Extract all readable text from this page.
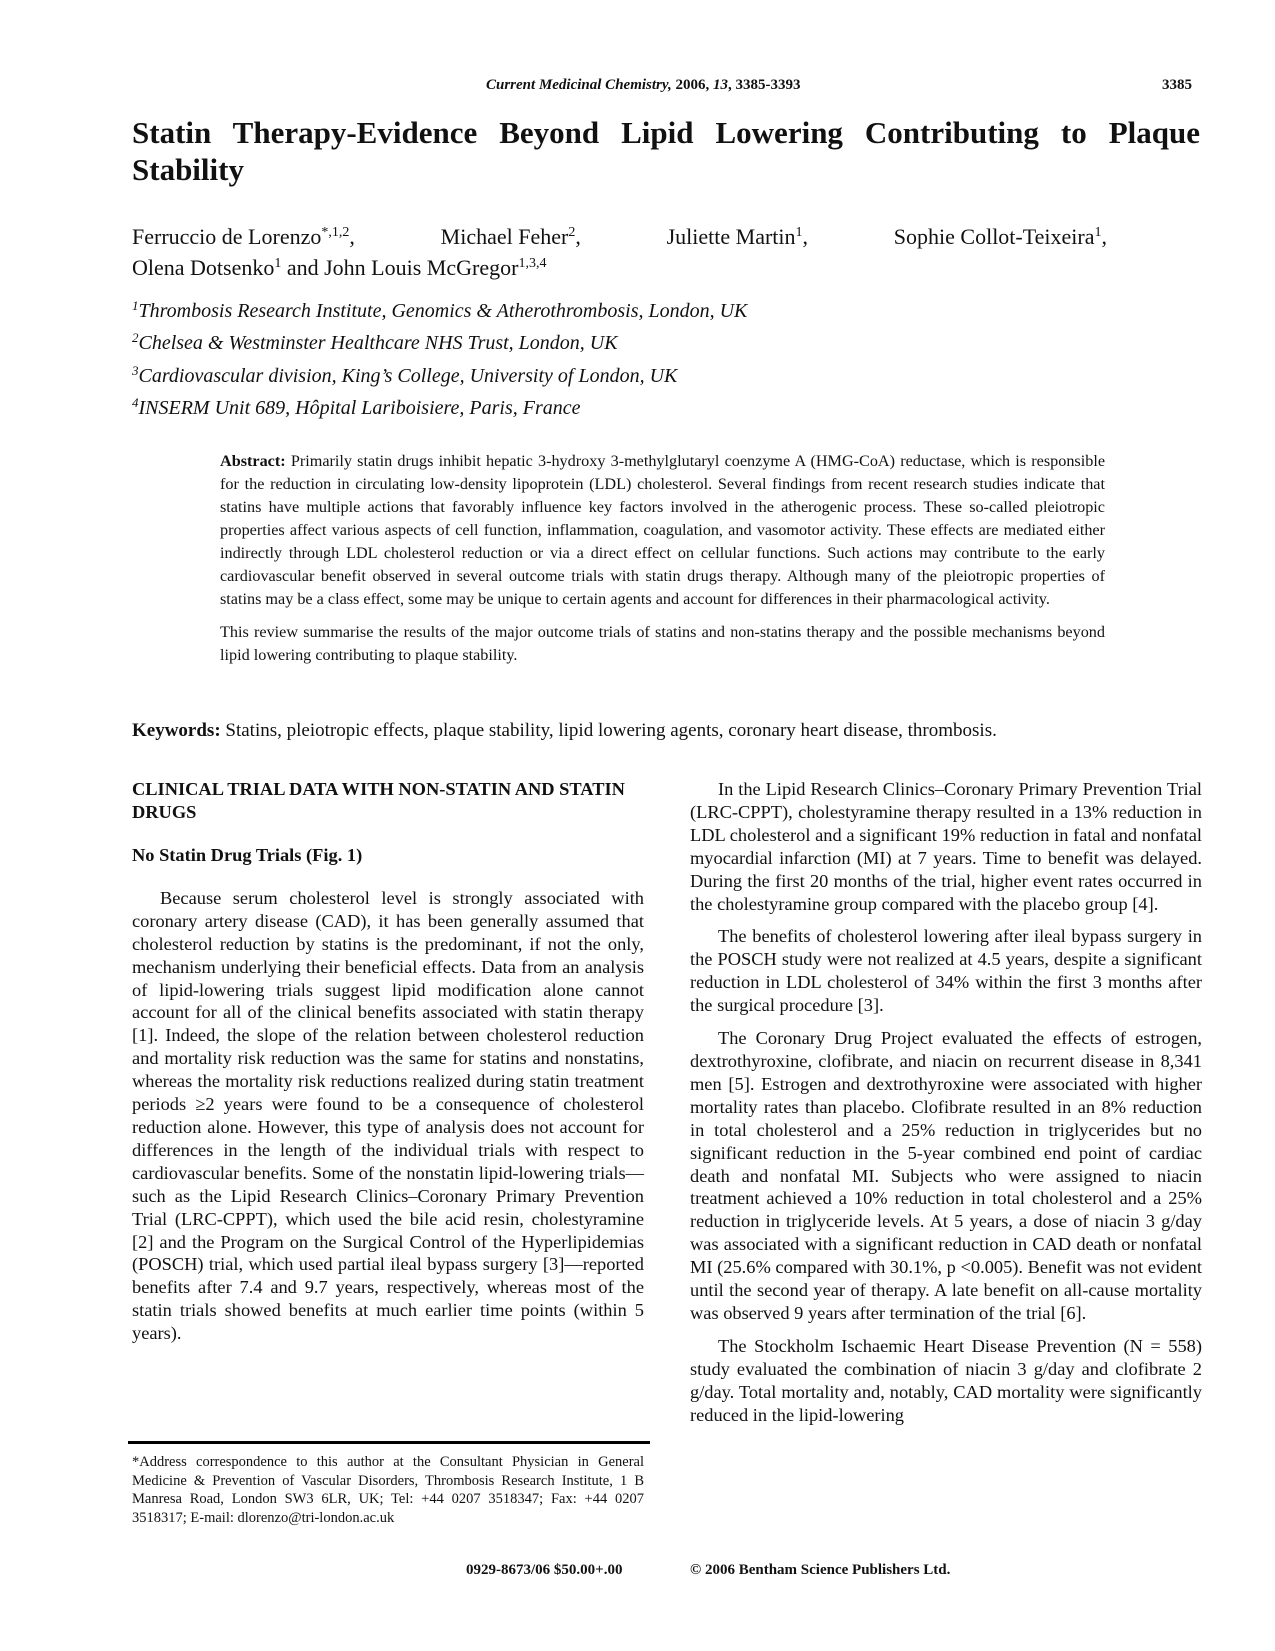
Current Medicinal Chemistry, 2006, 13, 3385-3393	3385
Statin Therapy-Evidence Beyond Lipid Lowering Contributing to Plaque Stability
Ferruccio de Lorenzo$^{*,1,2}$,	Michael Feher$^2$,	Juliette Martin$^1$,	Sophie Collot-Teixeira$^1$,
Olena Dotsenko$^1$ and John Louis McGregor$^{1,3,4}$

$^1$Thrombosis Research Institute, Genomics & Atherothrombosis, London, UK

$^2$Chelsea & Westminster Healthcare NHS Trust, London, UK

$^3$Cardiovascular division, King’s College, University of London, UK

$^4$INSERM Unit 689, Hôpital Lariboisiere, Paris, France

Abstract: Primarily statin drugs inhibit hepatic 3-hydroxy 3-methylglutaryl coenzyme A (HMG-CoA) reductase, which is responsible for the reduction in circulating low-density lipoprotein (LDL) cholesterol. Several findings from recent research studies indicate that statins have multiple actions that favorably influence key factors involved in the atherogenic process. These so-called pleiotropic properties affect various aspects of cell function, inflammation, coagulation, and vasomotor activity. These effects are mediated either indirectly through LDL cholesterol reduction or via a direct effect on cellular functions. Such actions may contribute to the early cardiovascular benefit observed in several outcome trials with statin drugs therapy. Although many of the pleiotropic properties of statins may be a class effect, some may be unique to certain agents and account for differences in their pharmacological activity.

This review summarise the results of the major outcome trials of statins and non-statins therapy and the possible mechanisms beyond lipid lowering contributing to plaque stability.

Keywords: Statins, pleiotropic effects, plaque stability, lipid lowering agents, coronary heart disease, thrombosis.

CLINICAL TRIAL DATA WITH NON-STATIN AND STATIN DRUGS
No Statin Drug Trials (Fig. 1)

Because serum cholesterol level is strongly associated with coronary artery disease (CAD), it has been generally assumed that cholesterol reduction by statins is the predominant, if not the only, mechanism underlying their beneficial effects. Data from an analysis of lipid-lowering trials suggest lipid modification alone cannot account for all of the clinical benefits associated with statin therapy [1]. Indeed, the slope of the relation between cholesterol reduction and mortality risk reduction was the same for statins and nonstatins, whereas the mortality risk reductions realized during statin treatment periods ≥2 years were found to be a consequence of cholesterol reduction alone. However, this type of analysis does not account for differences in the length of the individual trials with respect to cardiovascular benefits. Some of the nonstatin lipid-lowering trials—such as the Lipid Research Clinics–Coronary Primary Prevention Trial (LRC-CPPT), which used the bile acid resin, cholestyramine [2] and the Program on the Surgical Control of the Hyperlipidemias (POSCH) trial, which used partial ileal bypass surgery [3]—reported benefits after 7.4 and 9.7 years, respectively, whereas most of the statin trials showed benefits at much earlier time points (within 5 years).

In the Lipid Research Clinics–Coronary Primary Prevention Trial (LRC-CPPT), cholestyramine therapy resulted in a 13% reduction in LDL cholesterol and a significant 19% reduction in fatal and nonfatal myocardial infarction (MI) at 7 years. Time to benefit was delayed. During the first 20 months of the trial, higher event rates occurred in the cholestyramine group compared with the placebo group [4].

The benefits of cholesterol lowering after ileal bypass surgery in the POSCH study were not realized at 4.5 years, despite a significant reduction in LDL cholesterol of 34% within the first 3 months after the surgical procedure [3].

The Coronary Drug Project evaluated the effects of estrogen, dextrothyroxine, clofibrate, and niacin on recurrent disease in 8,341 men [5]. Estrogen and dextrothyroxine were associated with higher mortality rates than placebo. Clofibrate resulted in an 8% reduction in total cholesterol and a 25% reduction in triglycerides but no significant reduction in the 5-year combined end point of cardiac death and nonfatal MI. Subjects who were assigned to niacin treatment achieved a 10% reduction in total cholesterol and a 25% reduction in triglyceride levels. At 5 years, a dose of niacin 3 g/day was associated with a significant reduction in CAD death or nonfatal MI (25.6% compared with 30.1%, p <0.005). Benefit was not evident until the second year of therapy. A late benefit on all-cause mortality was observed 9 years after termination of the trial [6].

The Stockholm Ischaemic Heart Disease Prevention (N = 558) study evaluated the combination of niacin 3 g/day and clofibrate 2 g/day. Total mortality and, notably, CAD mortality were significantly reduced in the lipid-lowering

*Address correspondence to this author at the Consultant Physician in General Medicine & Prevention of Vascular Disorders, Thrombosis Research Institute, 1 B Manresa Road, London SW3 6LR, UK; Tel: +44 0207 3518347; Fax: +44 0207 3518317; E-mail: dlorenzo@tri-london.ac.uk

0929-8673/06 $50.00+.00	© 2006 Bentham Science Publishers Ltd.
